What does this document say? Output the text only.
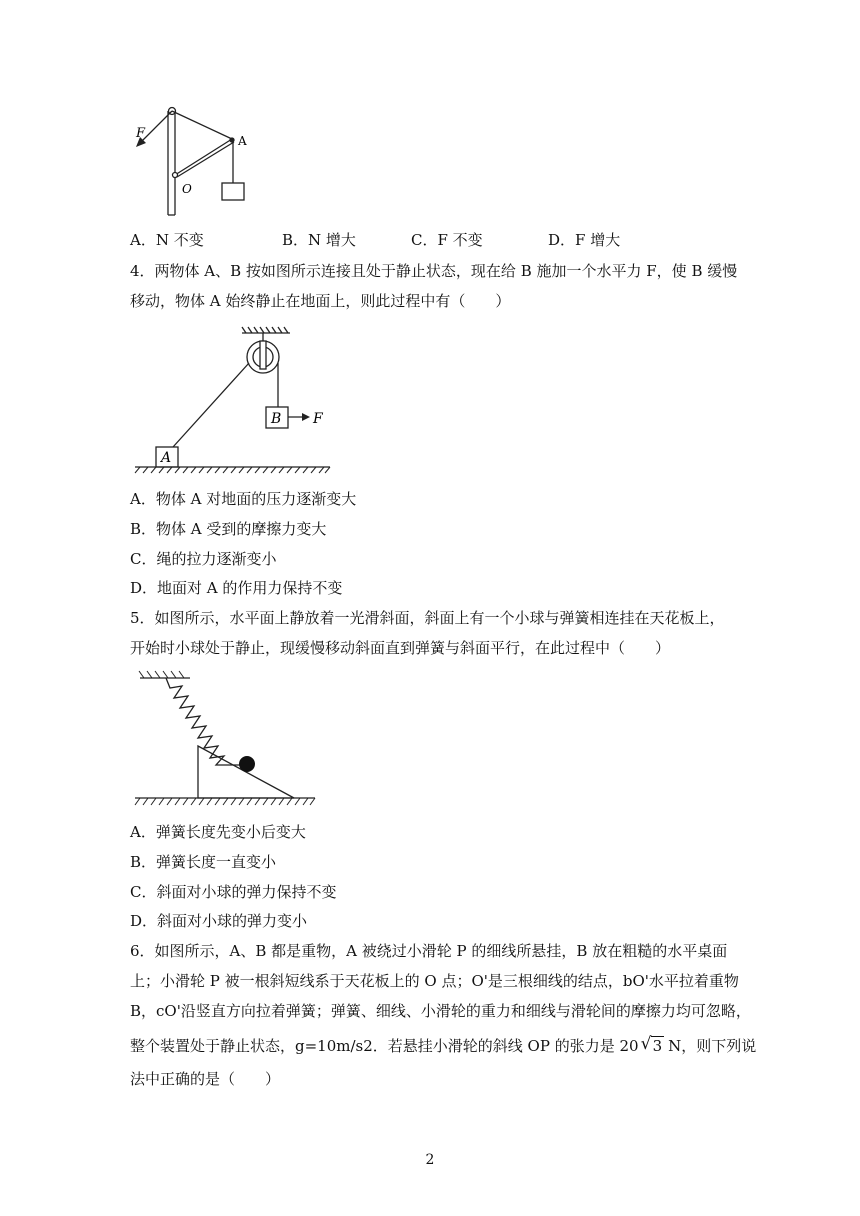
F	A
O
A．N 不变	B．N 增大	C．F 不变	D．F 增大
4．两物体 A、B 按如图所示连接且处于静止状态，现在给 B 施加一个水平力 F，使 B 缓慢
移动，物体 A 始终静止在地面上，则此过程中有（　　）
A
B F
A．物体 A 对地面的压力逐渐变大
B．物体 A 受到的摩擦力变大
C．绳的拉力逐渐变小
D．地面对 A 的作用力保持不变
5．如图所示，水平面上静放着一光滑斜面，斜面上有一个小球与弹簧相连挂在天花板上，
开始时小球处于静止，现缓慢移动斜面直到弹簧与斜面平行，在此过程中（　　）
A．弹簧长度先变小后变大
B．弹簧长度一直变小
C．斜面对小球的弹力保持不变
D．斜面对小球的弹力变小
6．如图所示，A、B 都是重物，A 被绕过小滑轮 P 的细线所悬挂，B 放在粗糙的水平桌面
上；小滑轮 P 被一根斜短线系于天花板上的 O 点；O'是三根细线的结点，bO'水平拉着重物
B，cO'沿竖直方向拉着弹簧；弹簧、细线、小滑轮的重力和细线与滑轮间的摩擦力均可忽略，
整个装置处于静止状态，g=10m/s2．若悬挂小滑轮的斜线 OP 的张力是 20 √ 3 N，则下列说
法中正确的是（　　）
2
